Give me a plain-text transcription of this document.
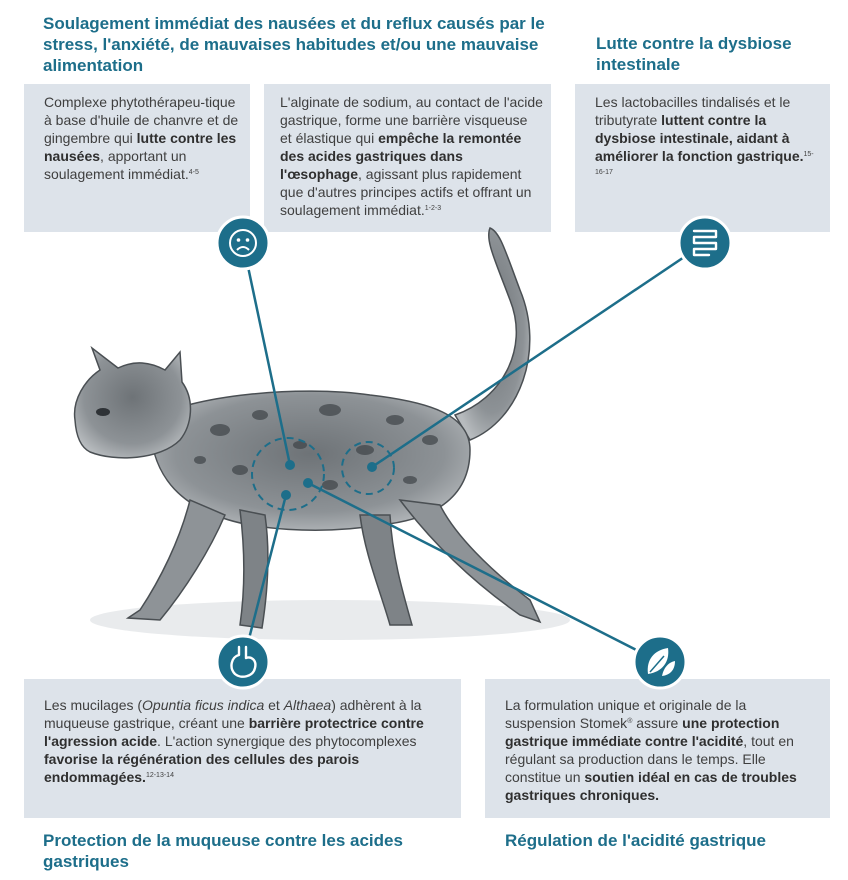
Soulagement immédiat des nausées et du reflux causés par le stress, l'anxiété, de mauvaises habitudes et/ou une mauvaise alimentation
Lutte contre la dysbiose intestinale
Protection de la muqueuse contre les acides gastriques
Régulation de l'acidité gastrique
Complexe phytothérapeu-tique à base d'huile de chanvre et de gingembre qui lutte contre les nausées, apportant un soulagement immédiat.$^{4-5}$
L'alginate de sodium, au contact de l'acide gastrique, forme une barrière visqueuse et élastique qui empêche la remontée des acides gastriques dans l'œsophage, agissant plus rapidement que d'autres principes actifs et offrant un soulagement immédiat.$^{1-2-3}$
Les lactobacilles tindalisés et le tributyrate luttent contre la dysbiose intestinale, aidant à améliorer la fonction gastrique.$^{15-16-17}$
Les mucilages (Opuntia ficus indica et Althaea) adhèrent à la muqueuse gastrique, créant une barrière protectrice contre l'agression acide. L'action synergique des phytocomplexes favorise la régénération des cellules des parois endommagées.$^{12-13-14}$
La formulation unique et originale de la suspension Stomek® assure une protection gastrique immédiate contre l'acidité, tout en régulant sa production dans le temps. Elle constitue un soutien idéal en cas de troubles gastriques chroniques.
